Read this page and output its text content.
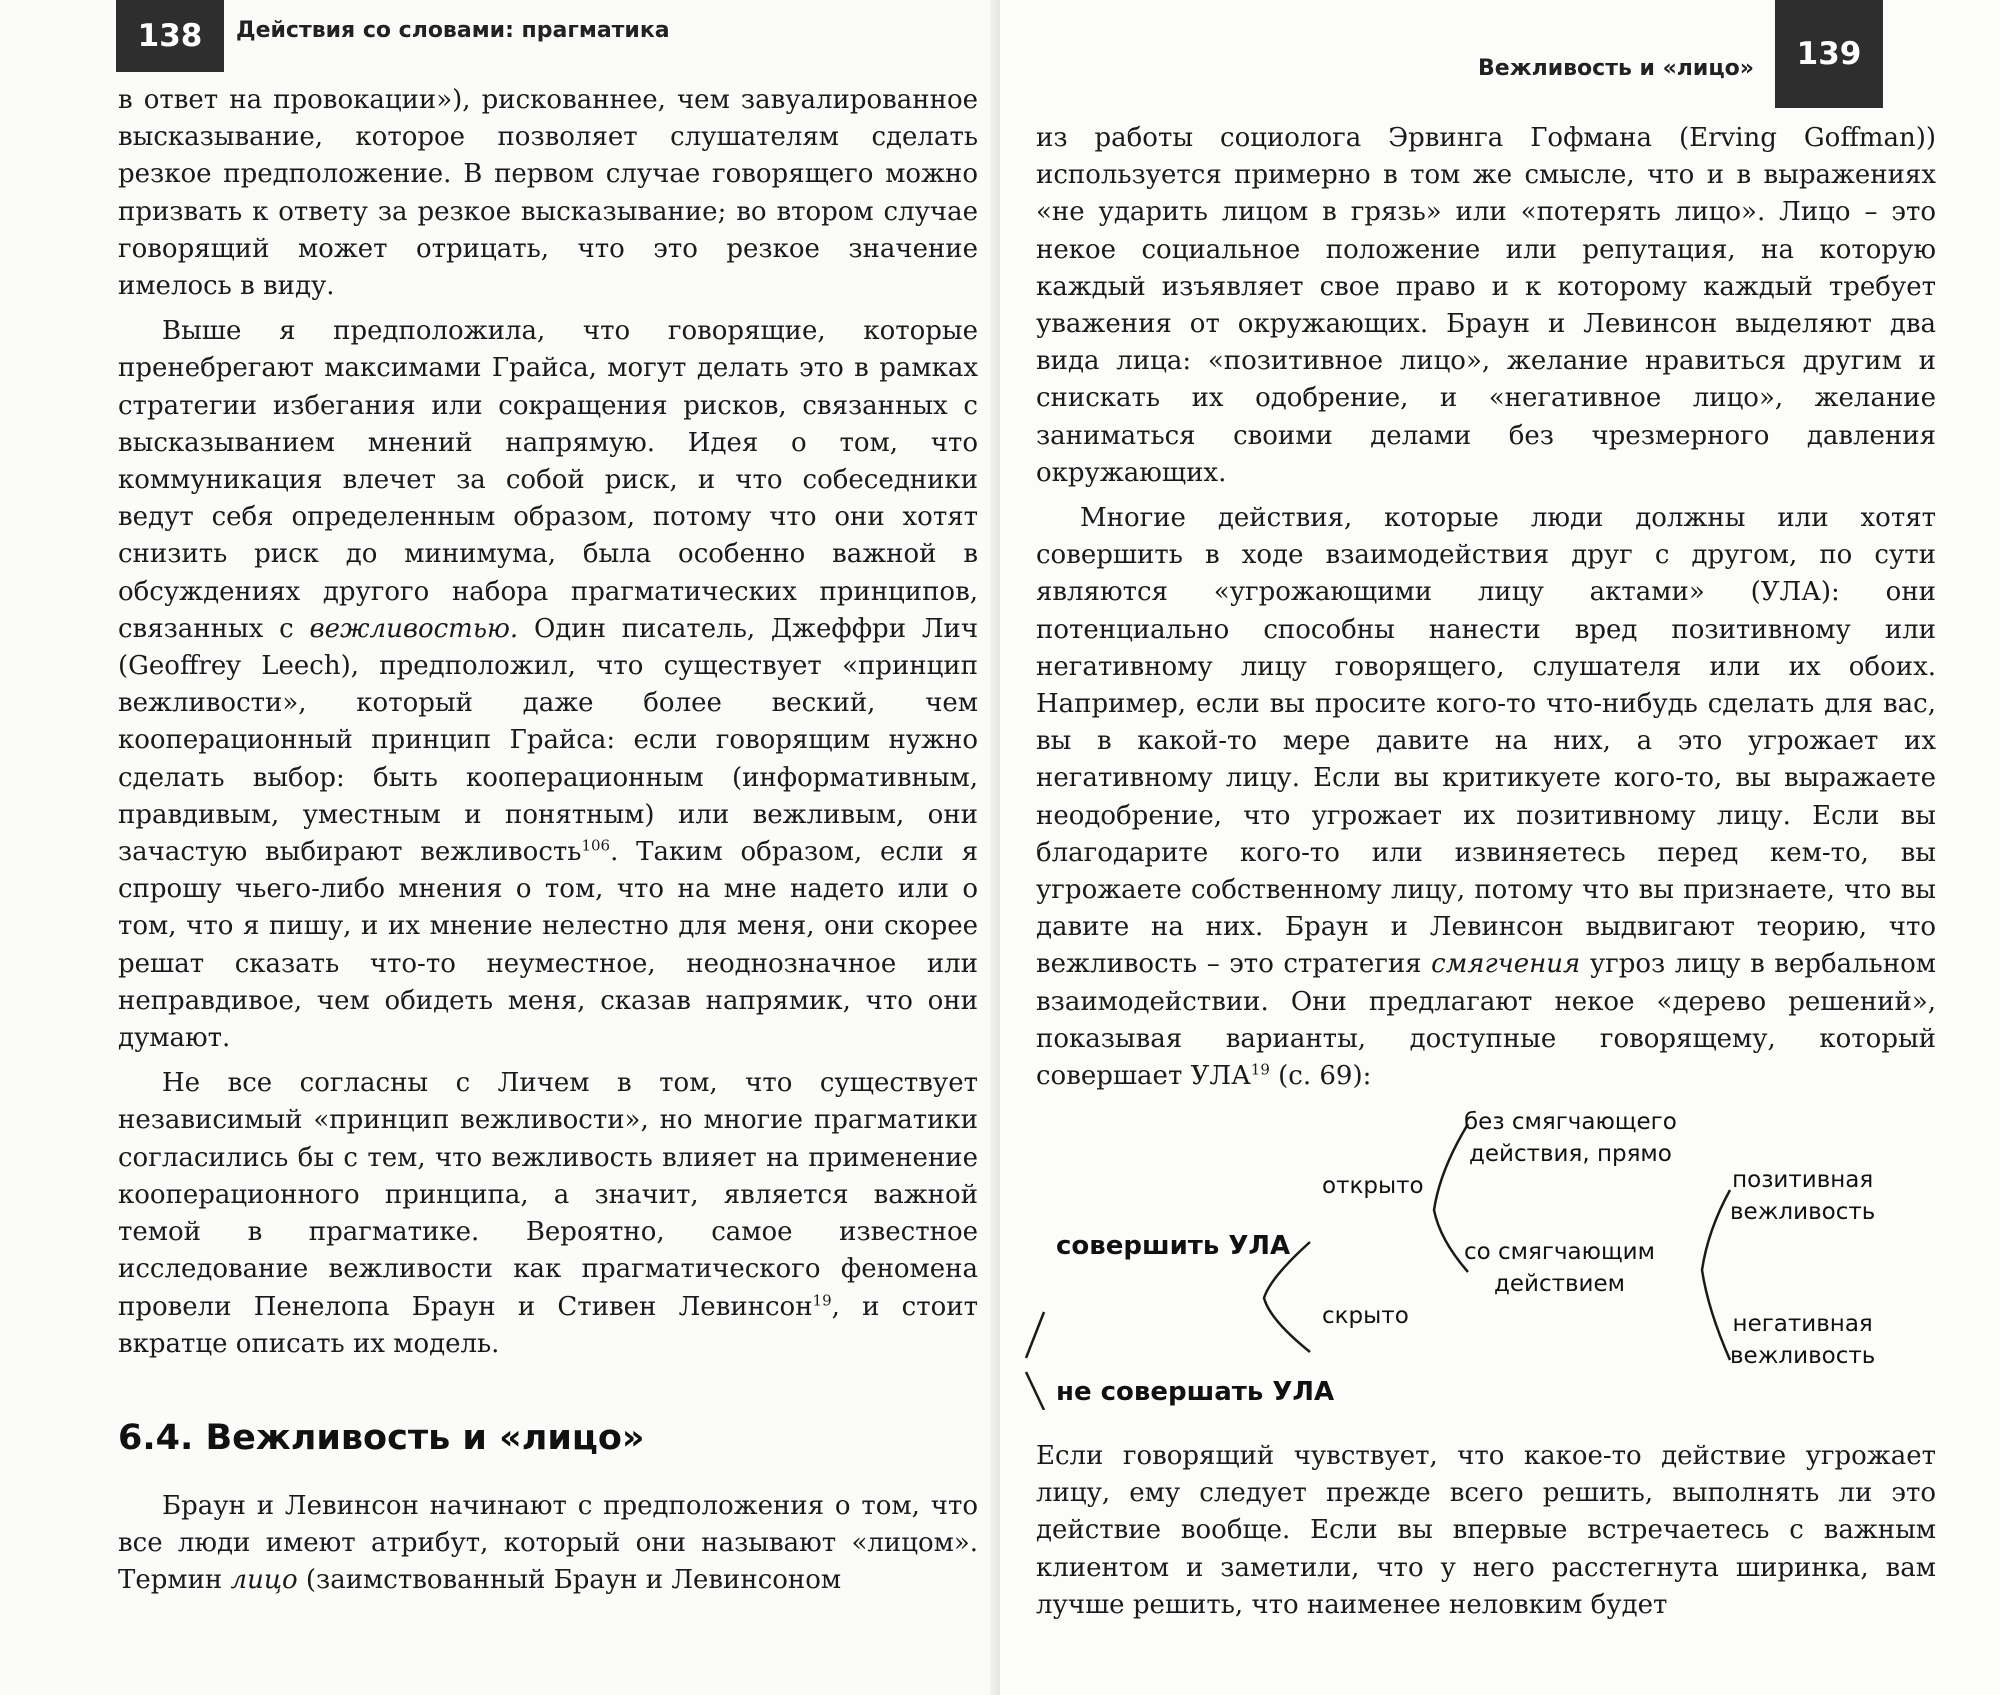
138	Действия со словами: прагматика

в ответ на провокации»), рискованнее, чем завуалированное высказывание, которое позволяет слушателям сделать резкое предположение. В первом случае говорящего можно призвать к ответу за резкое высказывание; во втором случае говорящий может отрицать, что это резкое значение имелось в виду.

Выше я предположила, что говорящие, которые пренебрегают максимами Грайса, могут делать это в рамках стратегии избегания или сокращения рисков, связанных с высказыванием мнений напрямую. Идея о том, что коммуникация влечет за собой риск, и что собеседники ведут себя определенным образом, потому что они хотят снизить риск до минимума, была особенно важной в обсуждениях другого набора прагматических принципов, связанных с вежливостью. Один писатель, Джеффри Лич (Geoffrey Leech), предположил, что существует «принцип вежливости», который даже более веский, чем кооперационный принцип Грайса: если говорящим нужно сделать выбор: быть кооперационным (информативным, правдивым, уместным и понятным) или вежливым, они зачастую выбирают вежливость$^{106}$. Таким образом, если я спрошу чьего-либо мнения о том, что на мне надето или о том, что я пишу, и их мнение нелестно для меня, они скорее решат сказать что-то неуместное, неоднозначное или неправдивое, чем обидеть меня, сказав напрямик, что они думают.

Не все согласны с Личем в том, что существует независимый «принцип вежливости», но многие прагматики согласились бы с тем, что вежливость влияет на применение кооперационного принципа, а значит, является важной темой в прагматике. Вероятно, самое известное исследование вежливости как прагматического феномена провели Пенелопа Браун и Стивен Левинсон$^{19}$, и стоит вкратце описать их модель.

6.4. Вежливость и «лицо»

Браун и Левинсон начинают с предположения о том, что все люди имеют атрибут, который они называют «лицом». Термин лицо (заимствованный Браун и Левинсоном

Вежливость и «лицо»	139

из работы социолога Эрвинга Гофмана (Erving Goffman)) используется примерно в том же смысле, что и в выражениях «не ударить лицом в грязь» или «потерять лицо». Лицо – это некое социальное положение или репутация, на которую каждый изъявляет свое право и к которому каждый требует уважения от окружающих. Браун и Левинсон выделяют два вида лица: «позитивное лицо», желание нравиться другим и снискать их одобрение, и «негативное лицо», желание заниматься своими делами без чрезмерного давления окружающих.

Многие действия, которые люди должны или хотят совершить в ходе взаимодействия друг с другом, по сути являются «угрожающими лицу актами» (УЛА): они потенциально способны нанести вред позитивному или негативному лицу говорящего, слушателя или их обоих. Например, если вы просите кого-то что-нибудь сделать для вас, вы в какой-то мере давите на них, а это угрожает их негативному лицу. Если вы критикуете кого-то, вы выражаете неодобрение, что угрожает их позитивному лицу. Если вы благодарите кого-то или извиняетесь перед кем-то, вы угрожаете собственному лицу, потому что вы признаете, что вы давите на них. Браун и Левинсон выдвигают теорию, что вежливость – это стратегия смягчения угроз лицу в вербальном взаимодействии. Они предлагают некое «дерево решений», показывая варианты, доступные говорящему, который совершает УЛА$^{19}$ (с. 69):

совершить УЛА
не совершать УЛА
открыто
скрыто
без смягчающего
действия, прямо
со смягчающим
действием
позитивная
вежливость
негативная
вежливость

Если говорящий чувствует, что какое-то действие угрожает лицу, ему следует прежде всего решить, выполнять ли это действие вообще. Если вы впервые встречаетесь с важным клиентом и заметили, что у него расстегнута ширинка, вам лучше решить, что наименее неловким будет
